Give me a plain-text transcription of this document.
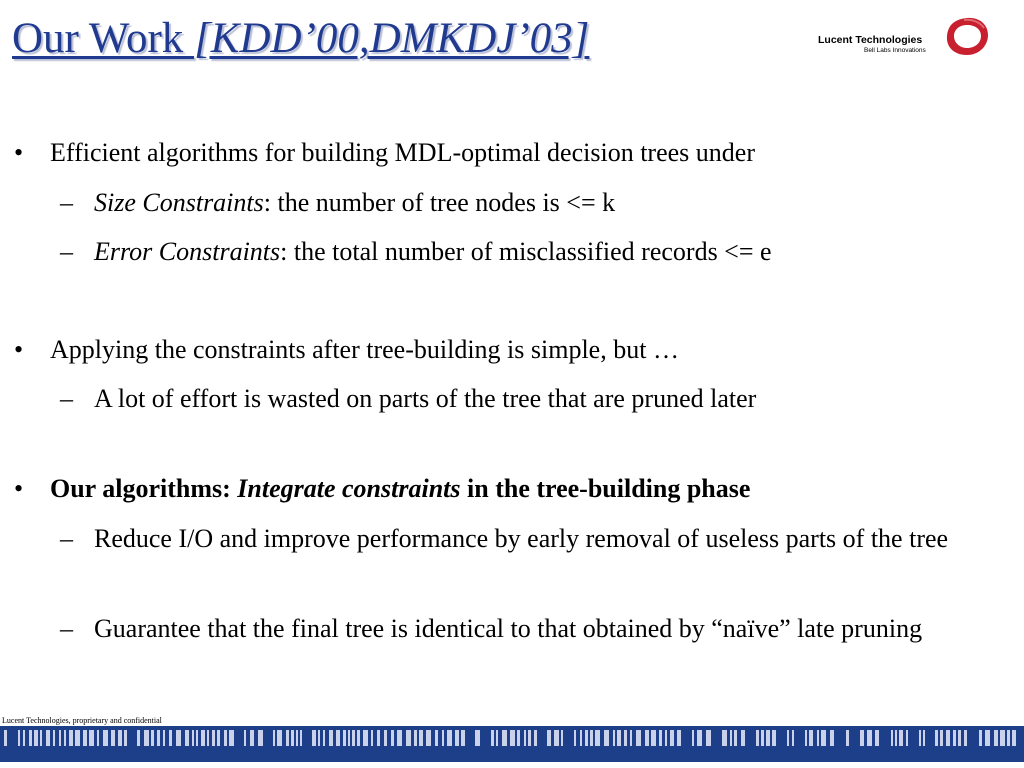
Our Work [KDD’00,DMKDJ’03]	Lucent Technologies
Bell Labs Innovations
•	Efficient algorithms for building MDL-optimal decision trees under
– Size Constraints: the number of tree nodes is <= k
– Error Constraints: the total number of misclassified records <= e
•	Applying the constraints after tree-building is simple, but …
– A lot of effort is wasted on parts of the tree that are pruned later
•	Our algorithms: Integrate constraints in the tree-building phase
– Reduce I/O and improve performance by early removal of useless parts of the tree
– Guarantee that the final tree is identical to that obtained by “naïve” late pruning
Lucent Technologies, proprietary and confidential
